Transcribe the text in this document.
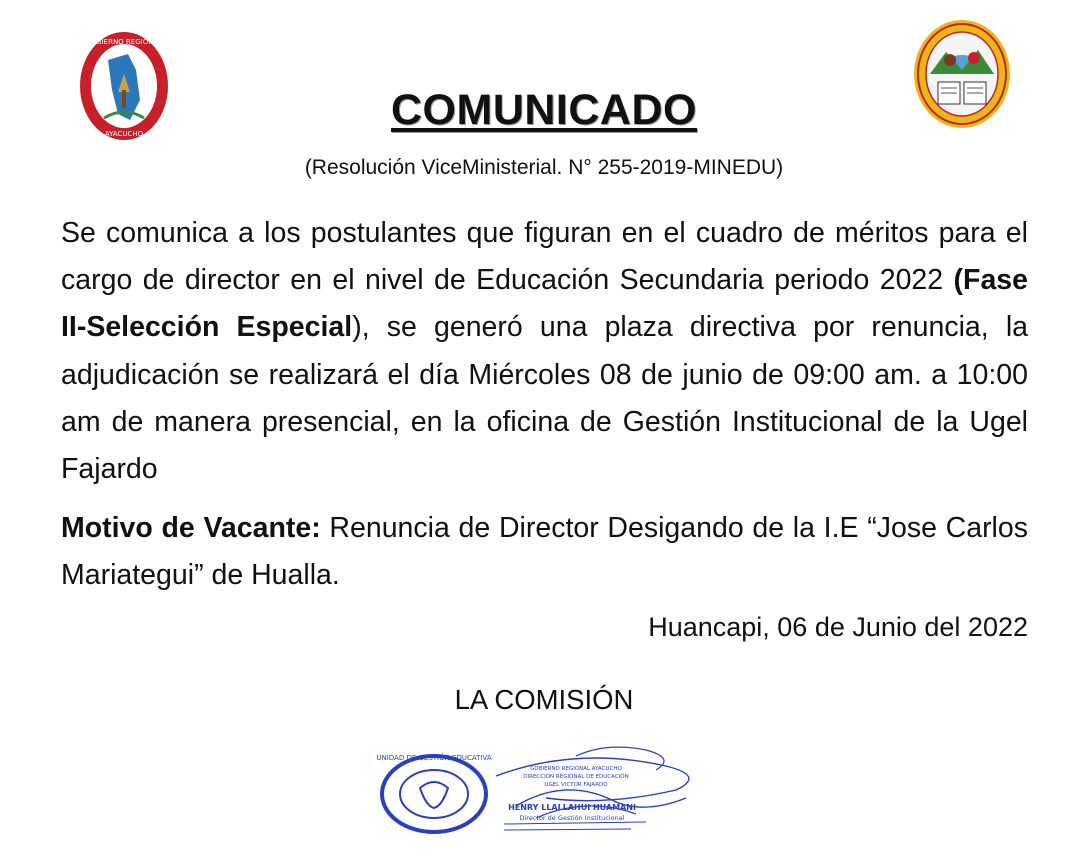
GOBIERNO REGIONAL
AYACUCHO	COMUNICADO
(Resolución ViceMinisterial. N° 255-2019-MINEDU)

Se comunica a los postulantes que figuran en el cuadro de méritos para el cargo de director en el nivel de Educación Secundaria periodo 2022 (Fase II-Selección Especial), se generó una plaza directiva por renuncia, la adjudicación se realizará el día Miércoles 08 de junio de 09:00 am. a 10:00 am de manera presencial, en la oficina de Gestión Institucional de la Ugel Fajardo

Motivo de Vacante: Renuncia de Director Desigando de la I.E “Jose Carlos Mariategui” de Hualla.

Huancapi, 06 de Junio del 2022
LA COMISIÓN
UNIDAD DE GESTIÓN EDUCATIVA
GOBIERNO REGIONAL AYACUCHO
DIRECCIÓN REGIONAL DE EDUCACIÓN
UGEL VICTOR FAJARDO
HENRY LLALLAHUI HUAMANI
Director de Gestión Institucional
